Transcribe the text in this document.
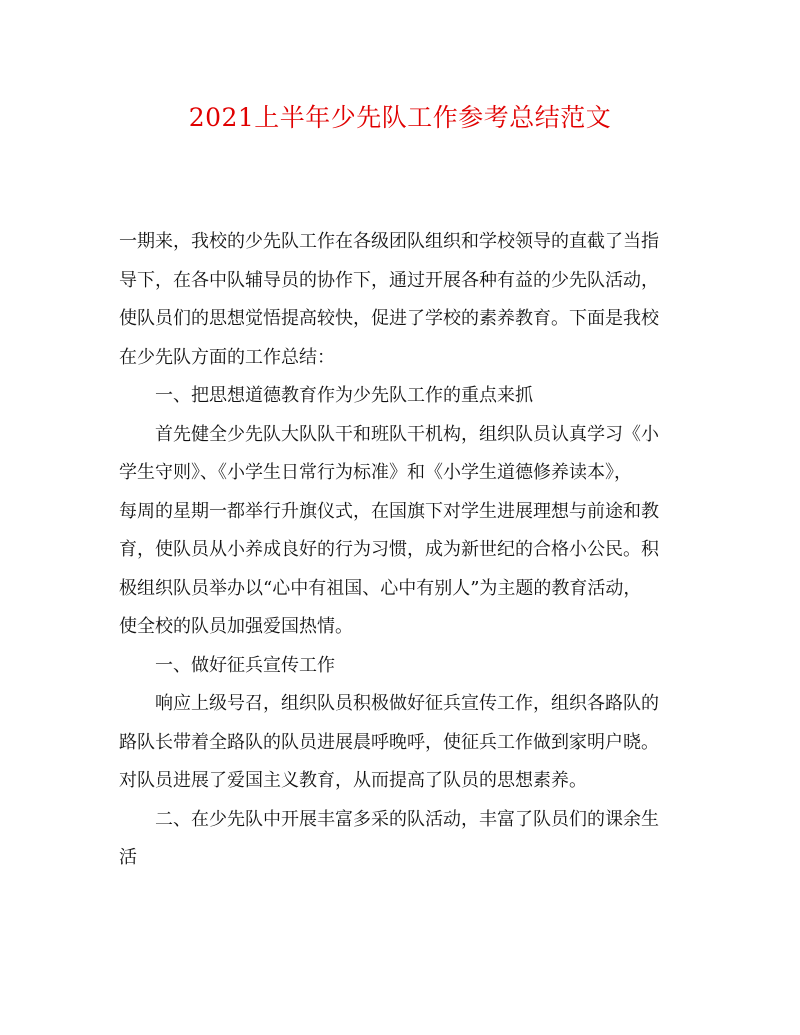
2021上半年少先队工作参考总结范文
一期来，我校的少先队工作在各级团队组织和学校领导的直截了当指
导下，在各中队辅导员的协作下，通过开展各种有益的少先队活动，
使队员们的思想觉悟提高较快，促进了学校的素养教育。下面是我校
在少先队方面的工作总结：
一、把思想道德教育作为少先队工作的重点来抓
首先健全少先队大队队干和班队干机构，组织队员认真学习《小
学生守则》、《小学生日常行为标准》和《小学生道德修养读本》，
每周的星期一都举行升旗仪式，在国旗下对学生进展理想与前途和教
育，使队员从小养成良好的行为习惯，成为新世纪的合格小公民。积
极组织队员举办以“心中有祖国、心中有别人”为主题的教育活动，
使全校的队员加强爱国热情。
一、做好征兵宣传工作
响应上级号召，组织队员积极做好征兵宣传工作，组织各路队的
路队长带着全路队的队员进展晨呼晚呼，使征兵工作做到家明户晓。
对队员进展了爱国主义教育，从而提高了队员的思想素养。
二、在少先队中开展丰富多采的队活动，丰富了队员们的课余生
活
